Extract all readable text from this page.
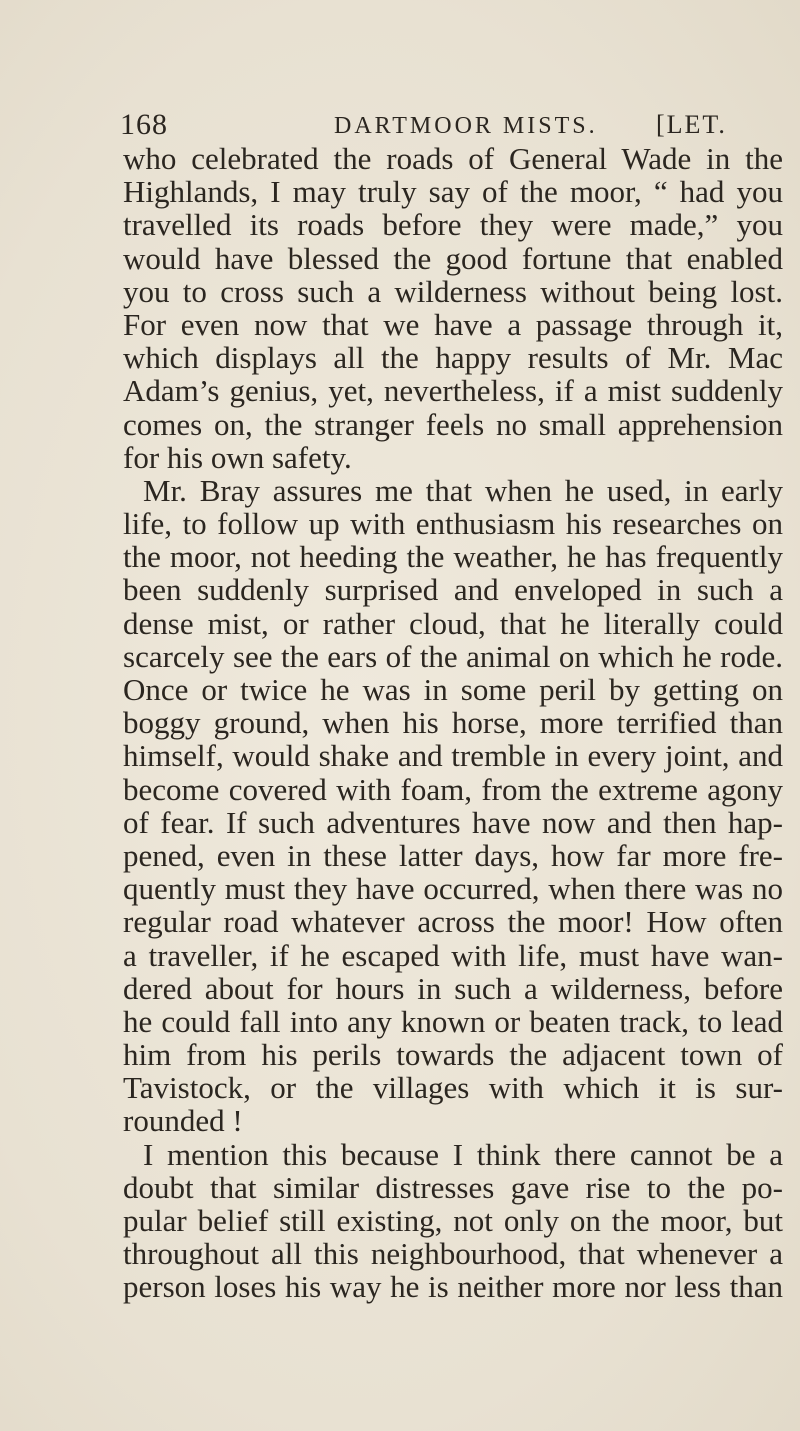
168	DARTMOOR MISTS. [LET.
who celebrated the roads of General Wade in the
Highlands, I may truly say of the moor, “ had you
travelled its roads before they were made,” you
would have blessed the good fortune that enabled
you to cross such a wilderness without being lost.
For even now that we have a passage through it,
which displays all the happy results of Mr. Mac
Adam’s genius, yet, nevertheless, if a mist suddenly
comes on, the stranger feels no small apprehension
for his own safety.
Mr. Bray assures me that when he used, in early
life, to follow up with enthusiasm his researches on
the moor, not heeding the weather, he has frequently
been suddenly surprised and enveloped in such a
dense mist, or rather cloud, that he literally could
scarcely see the ears of the animal on which he rode.
Once or twice he was in some peril by getting on
boggy ground, when his horse, more terrified than
himself, would shake and tremble in every joint, and
become covered with foam, from the extreme agony
of fear. If such adventures have now and then hap-
pened, even in these latter days, how far more fre-
quently must they have occurred, when there was no
regular road whatever across the moor! How often
a traveller, if he escaped with life, must have wan-
dered about for hours in such a wilderness, before
he could fall into any known or beaten track, to lead
him from his perils towards the adjacent town of
Tavistock, or the villages with which it is sur-
rounded !
I mention this because I think there cannot be a
doubt that similar distresses gave rise to the po-
pular belief still existing, not only on the moor, but
throughout all this neighbourhood, that whenever a
person loses his way he is neither more nor less than
